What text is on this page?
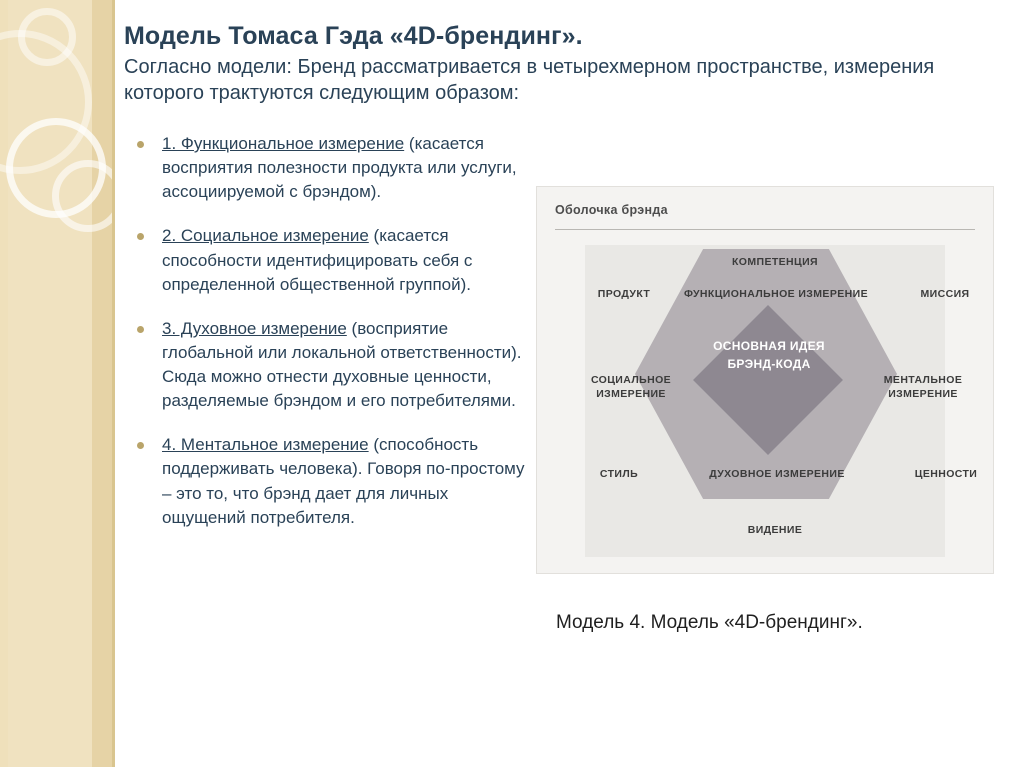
Модель Томаса Гэда «4D-брендинг».

Согласно модели: Бренд рассматривается в четырехмерном пространстве, измерения которого трактуются следующим образом:

1. Функциональное измерение (касается восприятия полезности продукта или услуги, ассоциируемой с брэндом).
2. Социальное измерение (касается способности идентифицировать себя с определенной общественной группой).
3. Духовное измерение (восприятие глобальной или локальной ответственности). Сюда можно отнести духовные ценности, разделяемые брэндом и его потребителями.
4. Ментальное измерение (способность поддерживать человека). Говоря по-простому – это то, что брэнд дает для личных ощущений потребителя.
Оболочка брэнда
ОСНОВНАЯ ИДЕЯ БРЭНД-КОДА
КОМПЕТЕНЦИЯ
ФУНКЦИОНАЛЬНОЕ ИЗМЕРЕНИЕ
ПРОДУКТ	МИССИЯ
СОЦИАЛЬНОЕ ИЗМЕРЕНИЕ
МЕНТАЛЬНОЕ ИЗМЕРЕНИЕ
СТИЛЬ	ЦЕННОСТИ
ДУХОВНОЕ ИЗМЕРЕНИЕ
ВИДЕНИЕ
Модель 4. Модель «4D-брендинг».
